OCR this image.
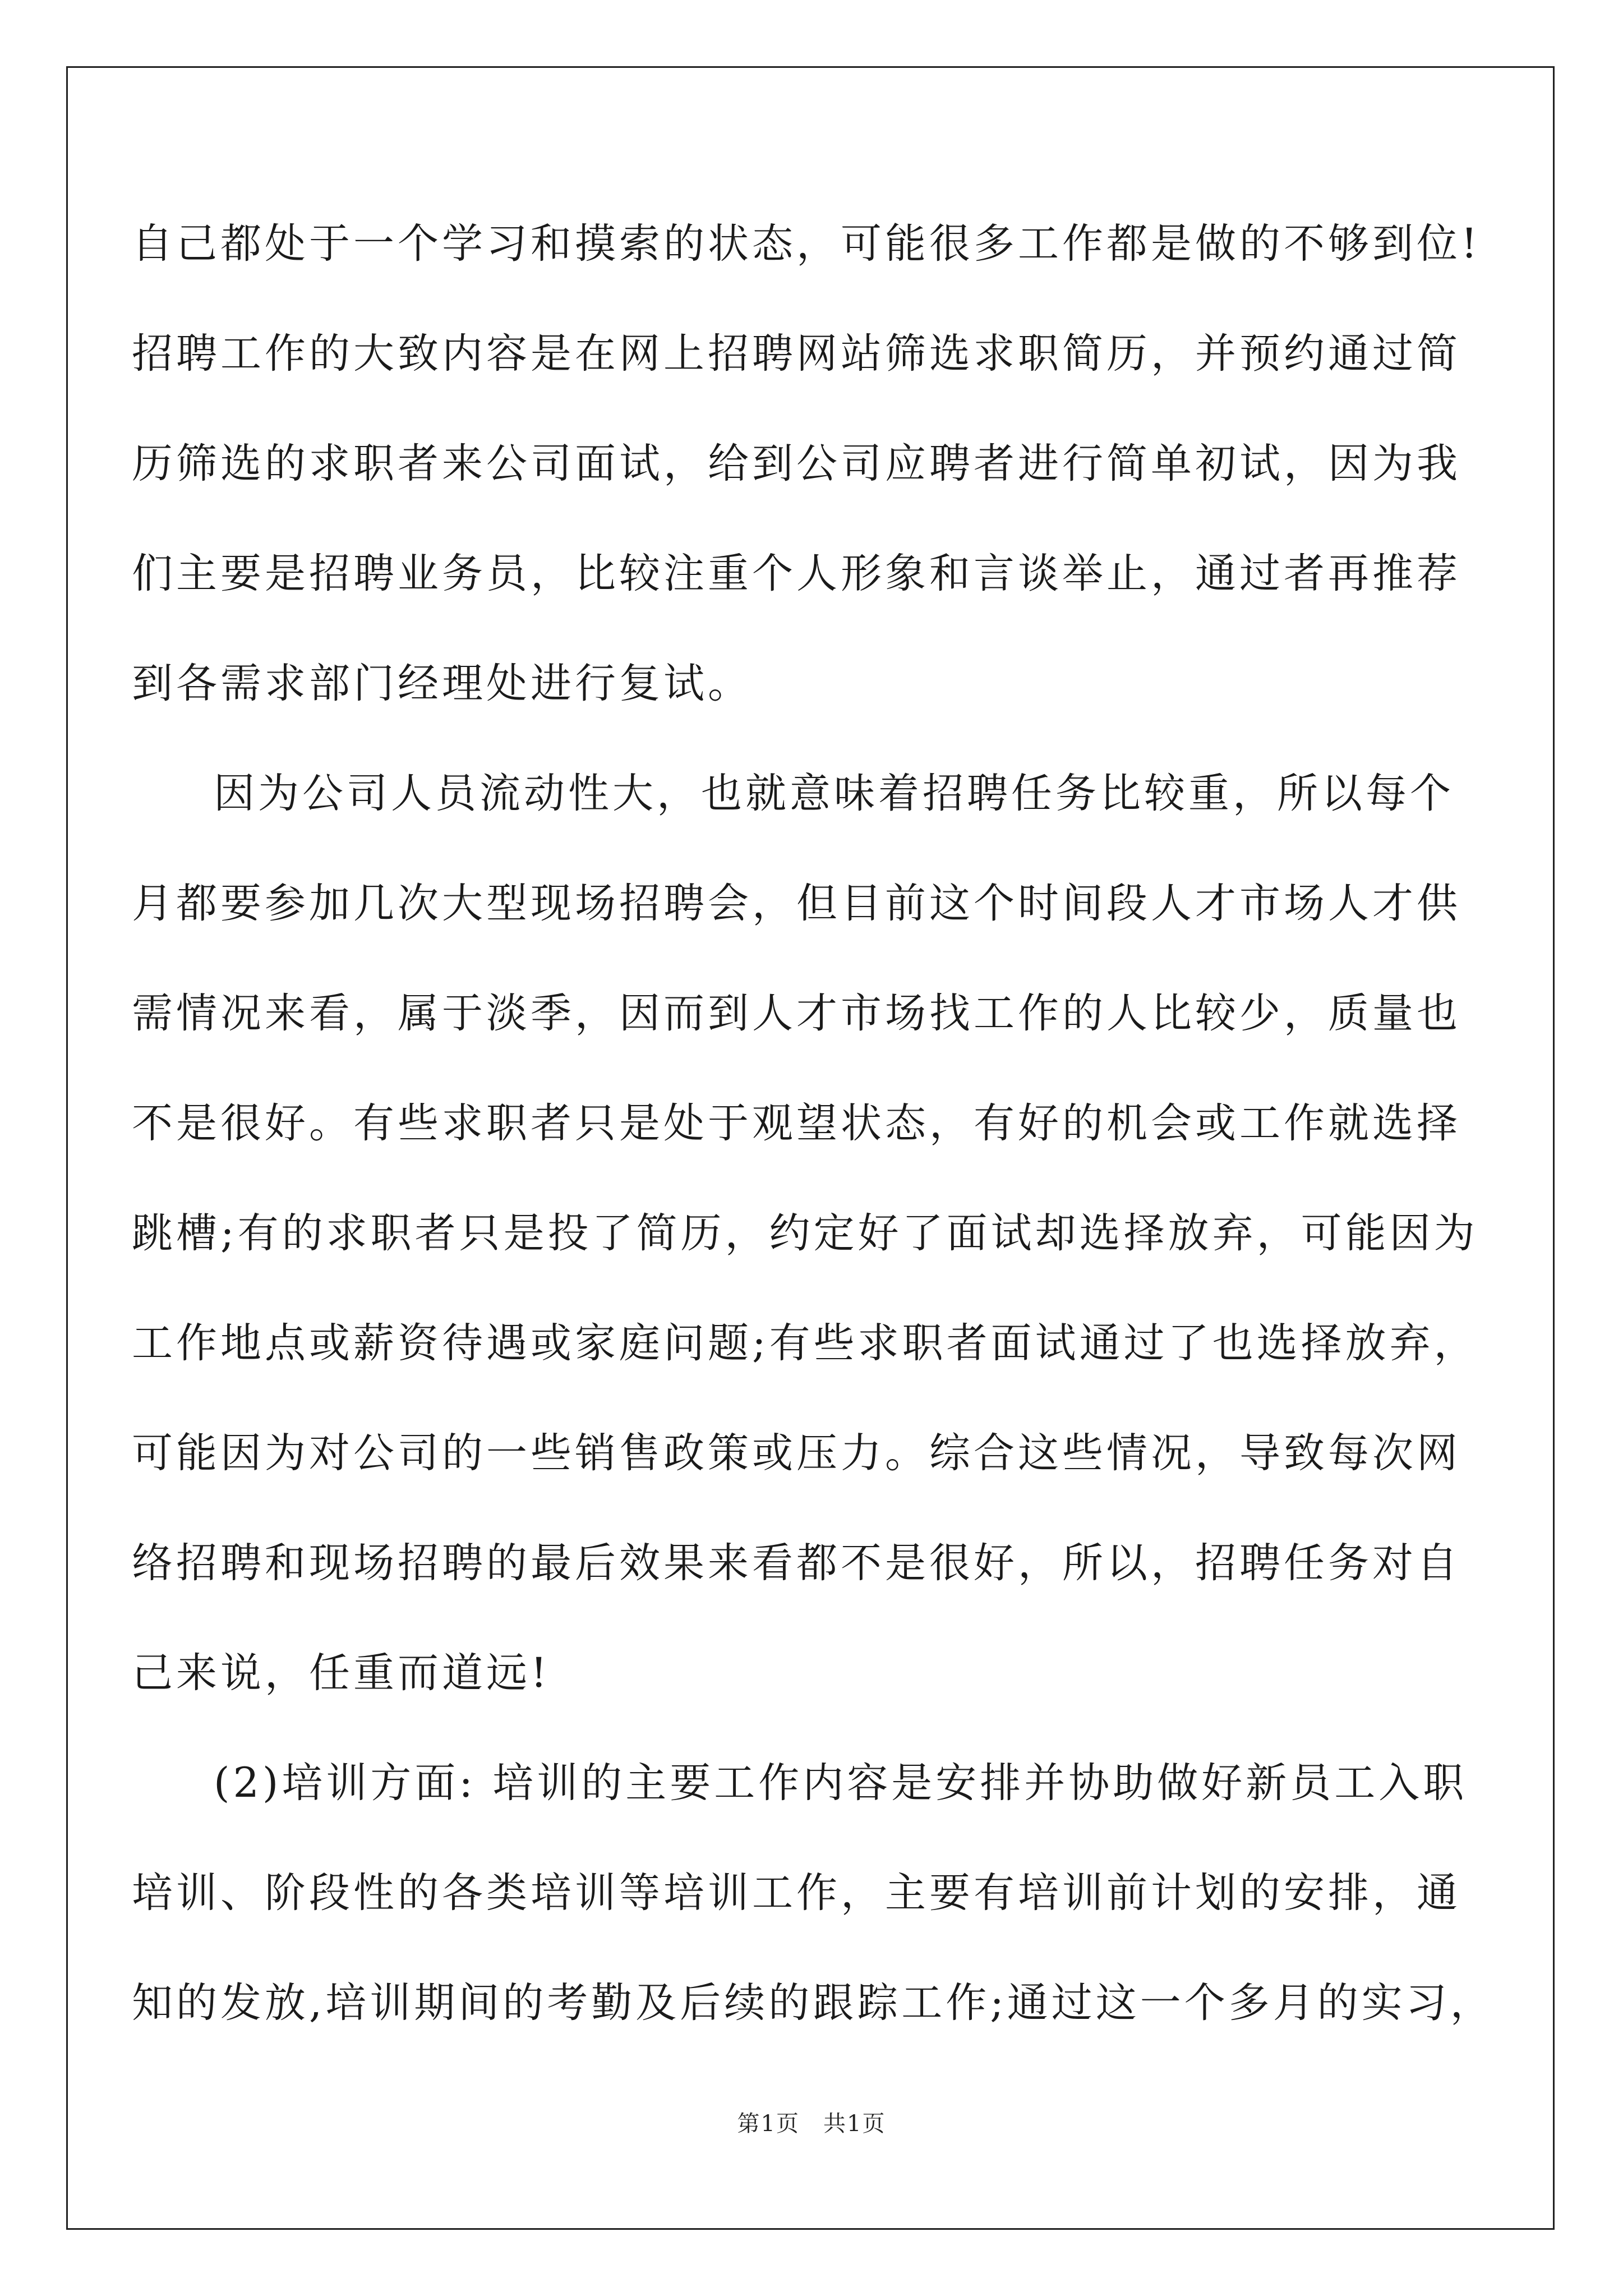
自己都处于一个学习和摸索的状态，可能很多工作都是做的不够到位!
招聘工作的大致内容是在网上招聘网站筛选求职简历，并预约通过简
历筛选的求职者来公司面试，给到公司应聘者进行简单初试，因为我
们主要是招聘业务员，比较注重个人形象和言谈举止，通过者再推荐
到各需求部门经理处进行复试。
因为公司人员流动性大，也就意味着招聘任务比较重，所以每个
月都要参加几次大型现场招聘会，但目前这个时间段人才市场人才供
需情况来看，属于淡季，因而到人才市场找工作的人比较少，质量也
不是很好。有些求职者只是处于观望状态，有好的机会或工作就选择
跳槽;有的求职者只是投了简历，约定好了面试却选择放弃，可能因为
工作地点或薪资待遇或家庭问题;有些求职者面试通过了也选择放弃，
可能因为对公司的一些销售政策或压力。综合这些情况，导致每次网
络招聘和现场招聘的最后效果来看都不是很好，所以，招聘任务对自
己来说，任重而道远!
(2)培训方面: 培训的主要工作内容是安排并协助做好新员工入职
培训、阶段性的各类培训等培训工作，主要有培训前计划的安排，通
知的发放,培训期间的考勤及后续的跟踪工作;通过这一个多月的实习，
第1页 共1页
